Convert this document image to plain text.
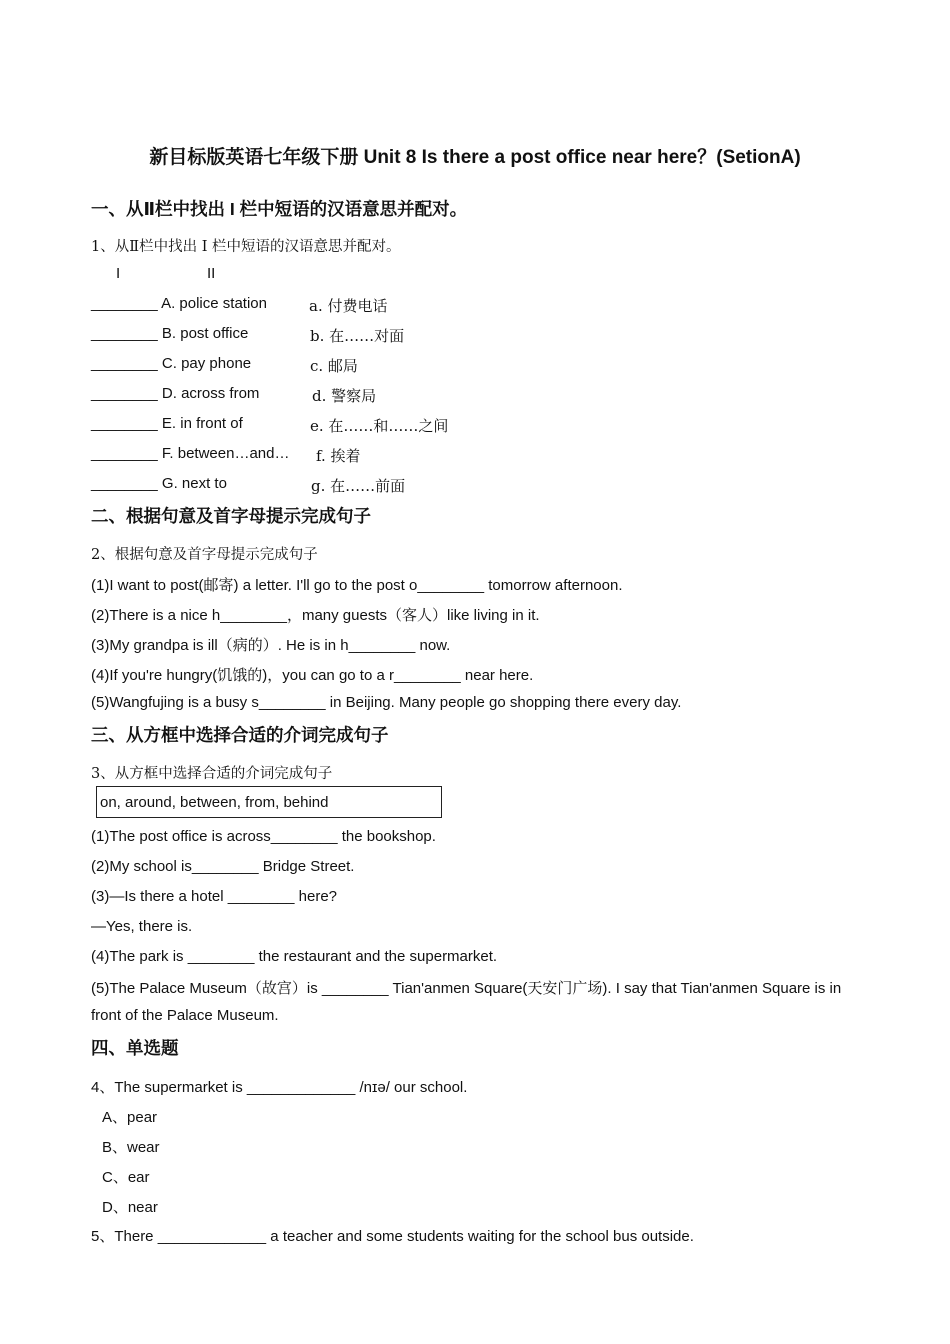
新目标版英语七年级下册 Unit 8 Is there a post office near here？(SetionA)
一、从Ⅱ栏中找出 I 栏中短语的汉语意思并配对。
1、从Ⅱ栏中找出 I 栏中短语的汉语意思并配对。
I	II
________ A. police station
________ B. post office
________ C. pay phone
________ D. across from
________ E. in front of
________ F. between…and…
________ G. next to
a. 付费电话
b. 在……对面
c. 邮局
d. 警察局
e. 在……和……之间
f. 挨着
g. 在……前面
二、根据句意及首字母提示完成句子
2、根据句意及首字母提示完成句子
(1)I want to post(邮寄) a letter. I'll go to the post o________ tomorrow afternoon.
(2)There is a nice h________，many guests（客人）like living in it.
(3)My grandpa is ill（病的）. He is in h________ now.
(4)If you're hungry(饥饿的)，you can go to a r________ near here.
(5)Wangfujing is a busy s________ in Beijing. Many people go shopping there every day.
三、从方框中选择合适的介词完成句子
3、从方框中选择合适的介词完成句子
on, around, between, from, behind
(1)The post office is across________ the bookshop.
(2)My school is________ Bridge Street.
(3)—Is there a hotel ________ here?
—Yes, there is.
(4)The park is ________ the restaurant and the supermarket.
(5)The Palace Museum（故宫）is ________ Tian'anmen Square(天安门广场). I say that Tian'anmen Square is in
front of the Palace Museum.
四、单选题
4、The supermarket is _____________ /nɪə/ our school.
A、pear
B、wear
C、ear
D、near
5、There _____________ a teacher and some students waiting for the school bus outside.
